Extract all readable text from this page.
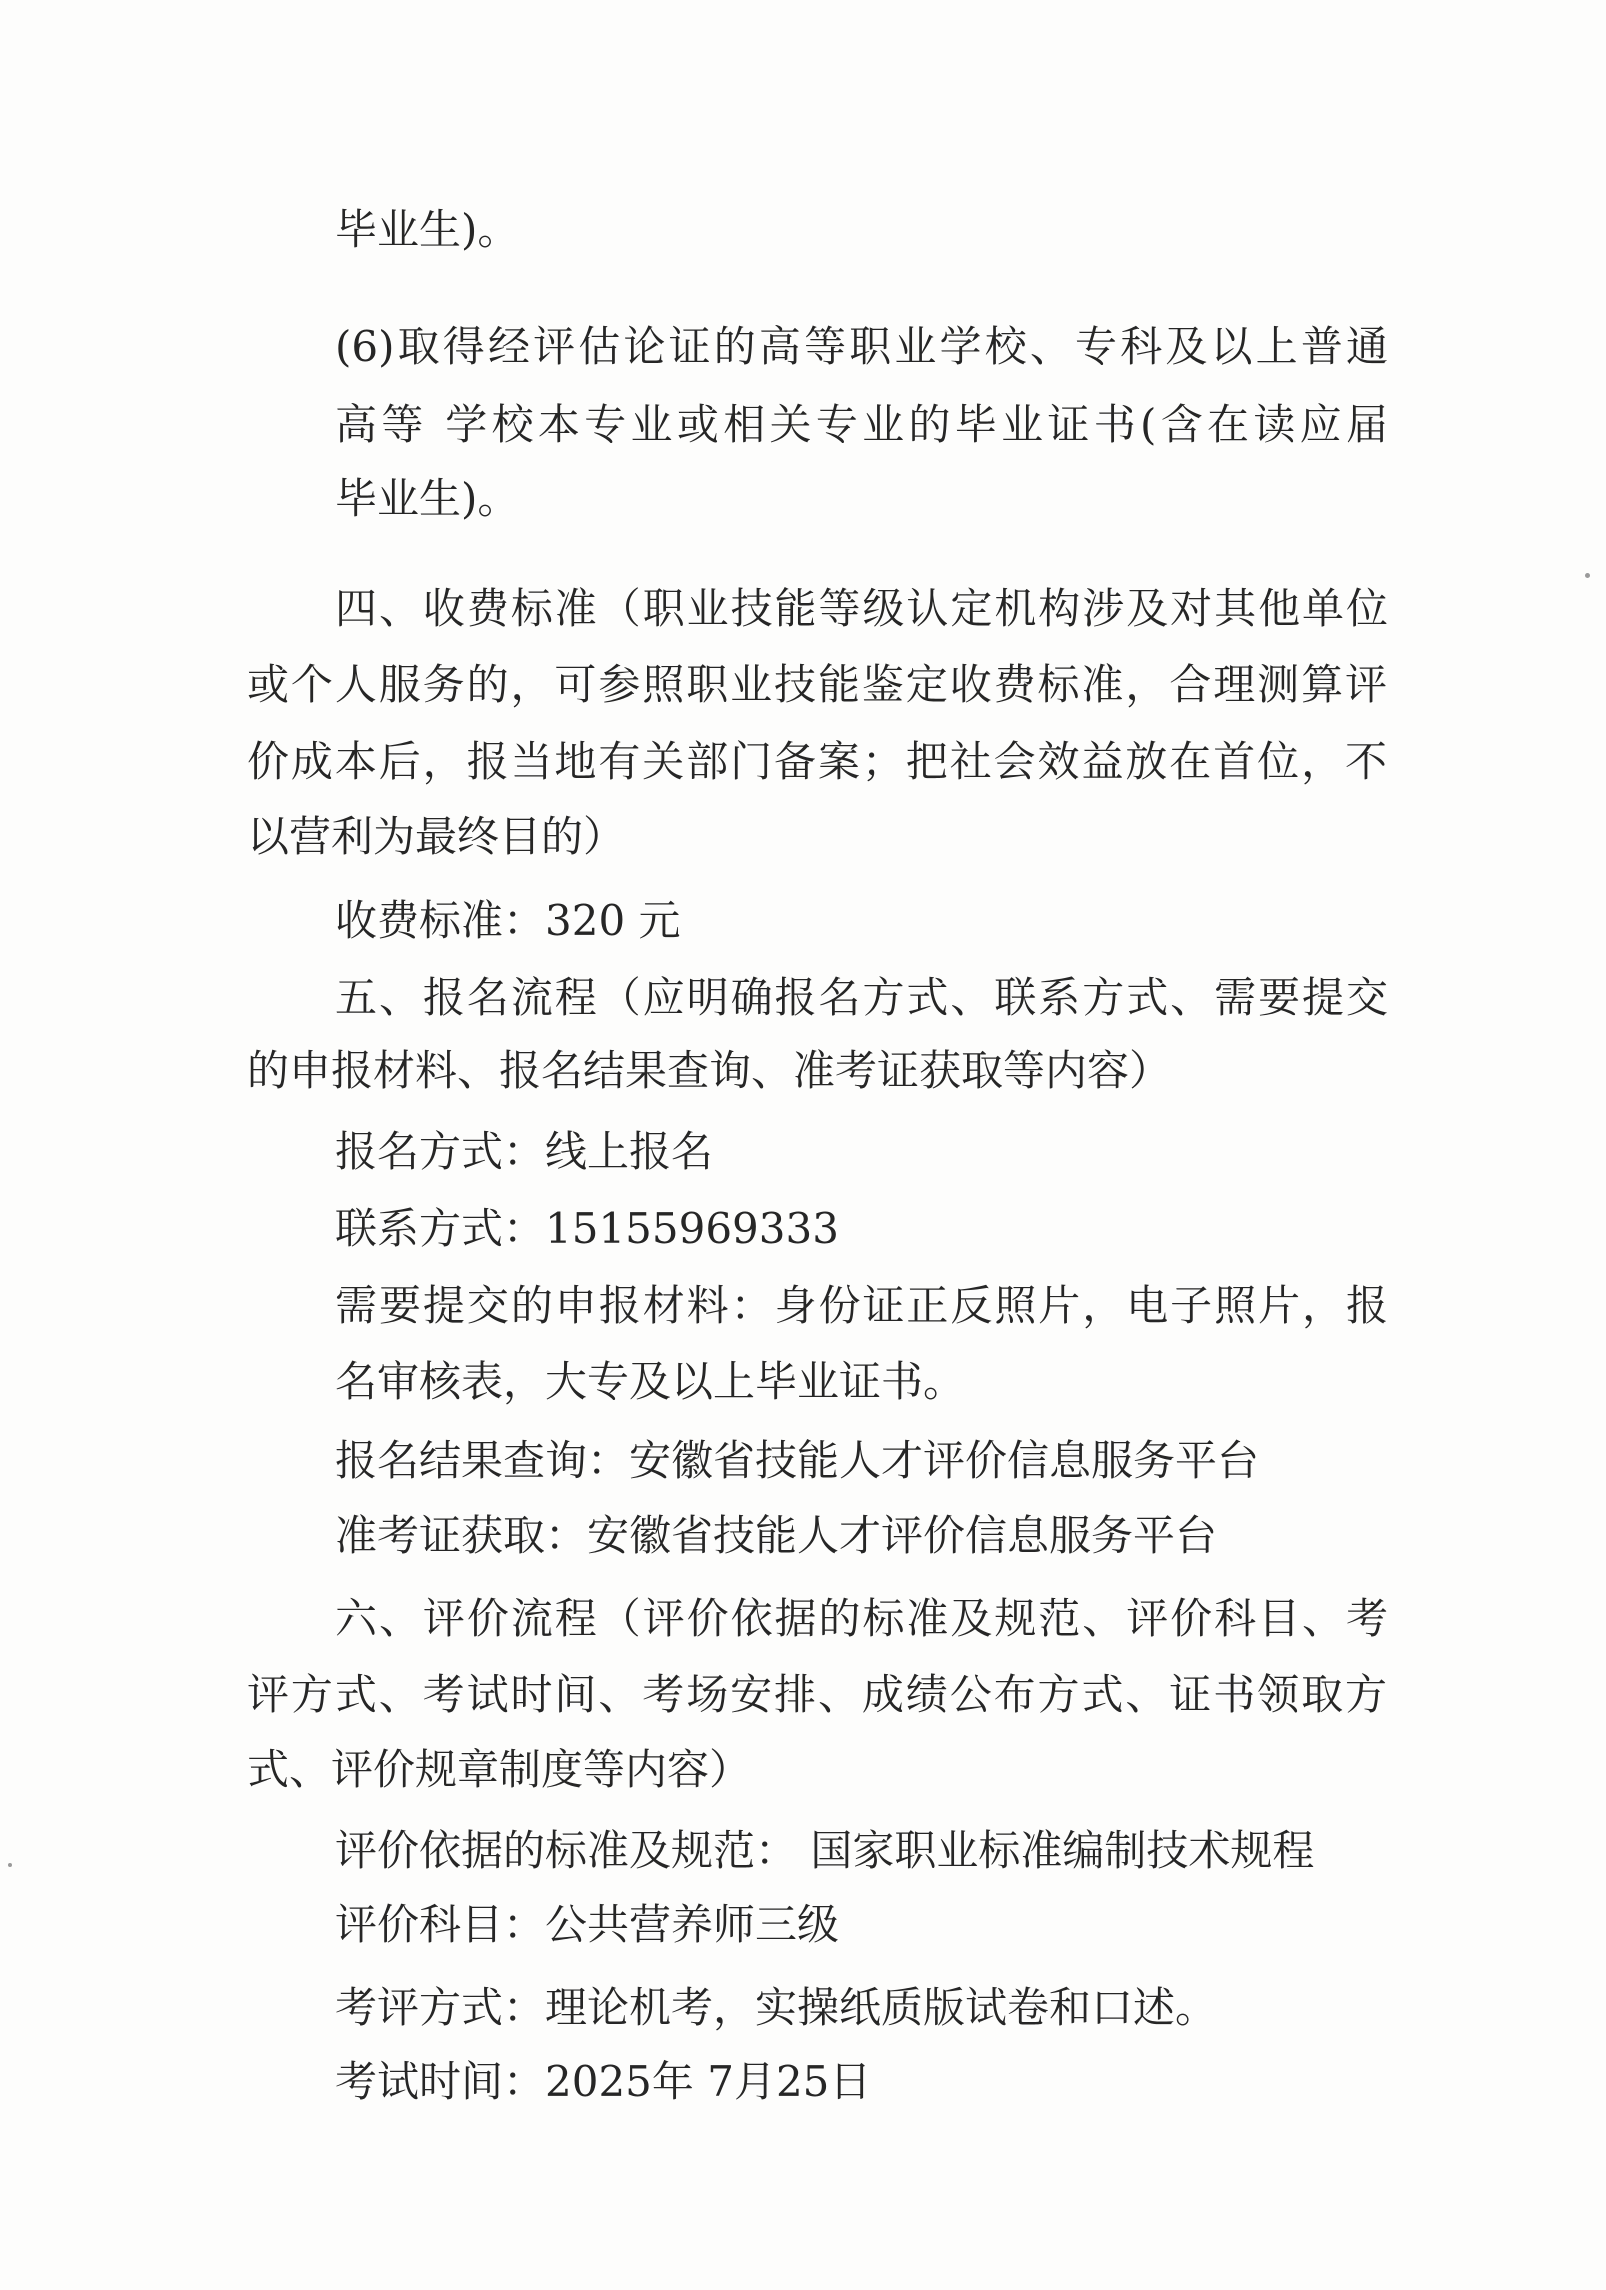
毕业生)。
(6)取得经评估论证的高等职业学校、专科及以上普通
高等 学校本专业或相关专业的毕业证书(含在读应届
毕业生)。
四、收费标准（职业技能等级认定机构涉及对其他单位
或个人服务的，可参照职业技能鉴定收费标准，合理测算评
价成本后，报当地有关部门备案；把社会效益放在首位，不
以营利为最终目的）
收费标准：320 元
五、报名流程（应明确报名方式、联系方式、需要提交
的申报材料、报名结果查询、准考证获取等内容）
报名方式：线上报名
联系方式：15155969333
需要提交的申报材料：身份证正反照片，电子照片，报
名审核表，大专及以上毕业证书。
报名结果查询：安徽省技能人才评价信息服务平台
准考证获取：安徽省技能人才评价信息服务平台
六、评价流程（评价依据的标准及规范、评价科目、考
评方式、考试时间、考场安排、成绩公布方式、证书领取方
式、评价规章制度等内容）
评价依据的标准及规范： 国家职业标准编制技术规程
评价科目：公共营养师三级
考评方式：理论机考，实操纸质版试卷和口述。
考试时间：2025年 7月25日
